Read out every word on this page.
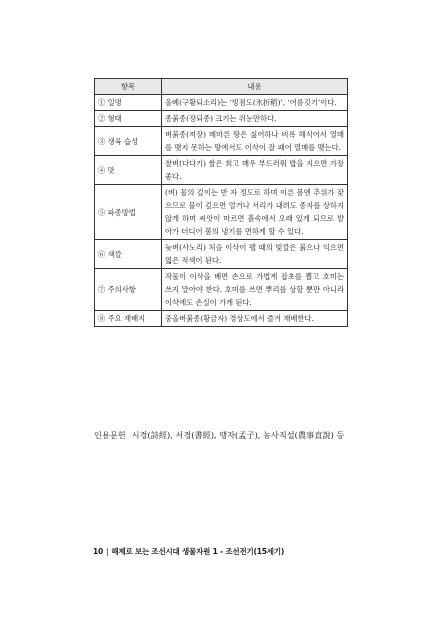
항목	내용
① 일명	올베(구황되소리)는 ‘빙점도(氷折稻)’, ‘어름깃기’이다.
② 형태	종붉종(장되종) 크기는 쥐눈만하다.
③ 생육 습성	벼붉종(저장) 메마른 땅은 싫어하나 비록 해식어서 열매를 맺지 못하는 땅에서도 이삭이 잘 패어 열매를 맺는다.
④ 맛	찰벼(다다기) 쌀은 희고 매우 부드러워 밥을 지으면 가장 좋다.
⑤ 파종방법	(벼) 물의 깊이는 반 자 정도로 하며 이른 봄엔 추위가 잦으므로 물이 깊으면 얼거나 서리가 내려도 종자를 상하지 않게 하며 씨앗이 마르면 흙속에서 오래 있게 되므로 발아가 더디어 봄의 냉기를 면하게 할 수 있다.
⑥ 색깔	늦벼(사노리) 처음 이삭이 팰 때의 빛깔은 붉으나 익으면 엷은 적색이 된다.
⑦ 주의사항	작물이 이삭을 배면 손으로 가볍게 잡초를 뽑고 호미는 쓰지 말아야 한다. 호미를 쓰면 뿌리를 상할 뿐만 아니라 이삭에도 손실이 가게 된다.
⑧ 주요 재배지	중올벼붉종(황금자) 경상도에서 즐겨 재배한다.
인용문헌 시경(詩經), 서경(書經), 맹자(孟子), 농사직설(農事直說) 등
10 | 해제로 보는 조선시대 생물자원 1 - 조선전기(15세기)
